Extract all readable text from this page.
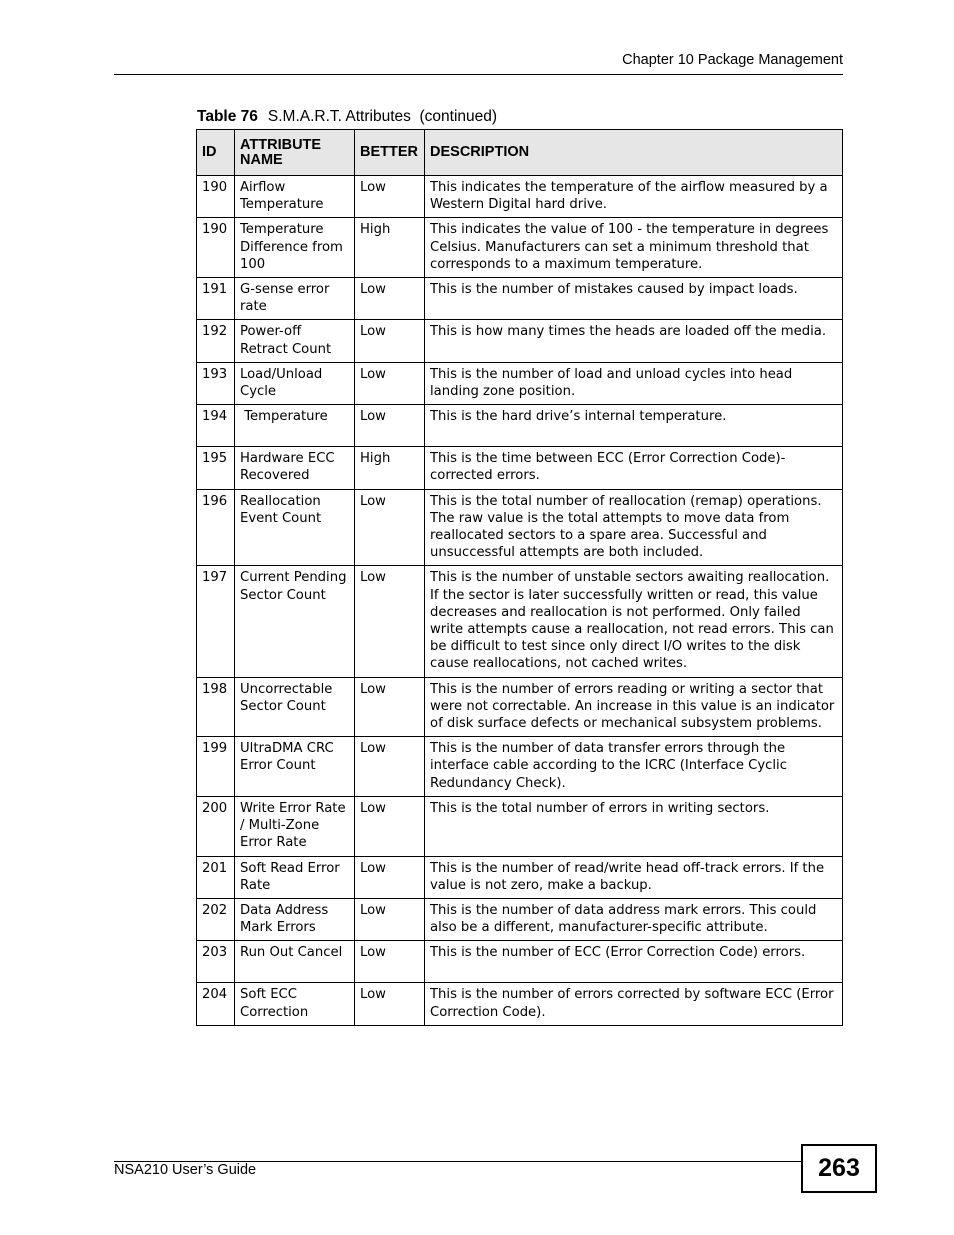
Chapter 10 Package Management
Table 76 S.M.A.R.T. Attributes  (continued)
ID	ATTRIBUTE NAME	BETTER	DESCRIPTION
190	Airflow Temperature	Low	This indicates the temperature of the airflow measured by a Western Digital hard drive.
190	Temperature Difference from 100	High	This indicates the value of 100 - the temperature in degrees Celsius. Manufacturers can set a minimum threshold that corresponds to a maximum temperature.
191	G-sense error rate	Low	This is the number of mistakes caused by impact loads.
192	Power-off Retract Count	Low	This is how many times the heads are loaded off the media.
193	Load/Unload Cycle	Low	This is the number of load and unload cycles into head landing zone position.
194	Temperature	Low	This is the hard drive’s internal temperature.
195	Hardware ECC Recovered	High	This is the time between ECC (Error Correction Code)-corrected errors.
196	Reallocation Event Count	Low	This is the total number of reallocation (remap) operations. The raw value is the total attempts to move data from reallocated sectors to a spare area. Successful and unsuccessful attempts are both included.
197	Current Pending Sector Count	Low	This is the number of unstable sectors awaiting reallocation. If the sector is later successfully written or read, this value decreases and reallocation is not performed. Only failed write attempts cause a reallocation, not read errors. This can be difficult to test since only direct I/O writes to the disk cause reallocations, not cached writes.
198	Uncorrectable Sector Count	Low	This is the number of errors reading or writing a sector that were not correctable. An increase in this value is an indicator of disk surface defects or mechanical subsystem problems.
199	UltraDMA CRC Error Count	Low	This is the number of data transfer errors through the interface cable according to the ICRC (Interface Cyclic Redundancy Check).
200	Write Error Rate / Multi-Zone Error Rate	Low	This is the total number of errors in writing sectors.
201	Soft Read Error Rate	Low	This is the number of read/write head off-track errors. If the value is not zero, make a backup.
202	Data Address Mark Errors	Low	This is the number of data address mark errors. This could also be a different, manufacturer-specific attribute.
203	Run Out Cancel	Low	This is the number of ECC (Error Correction Code) errors.
204	Soft ECC Correction	Low	This is the number of errors corrected by software ECC (Error Correction Code).
NSA210 User’s Guide	263
